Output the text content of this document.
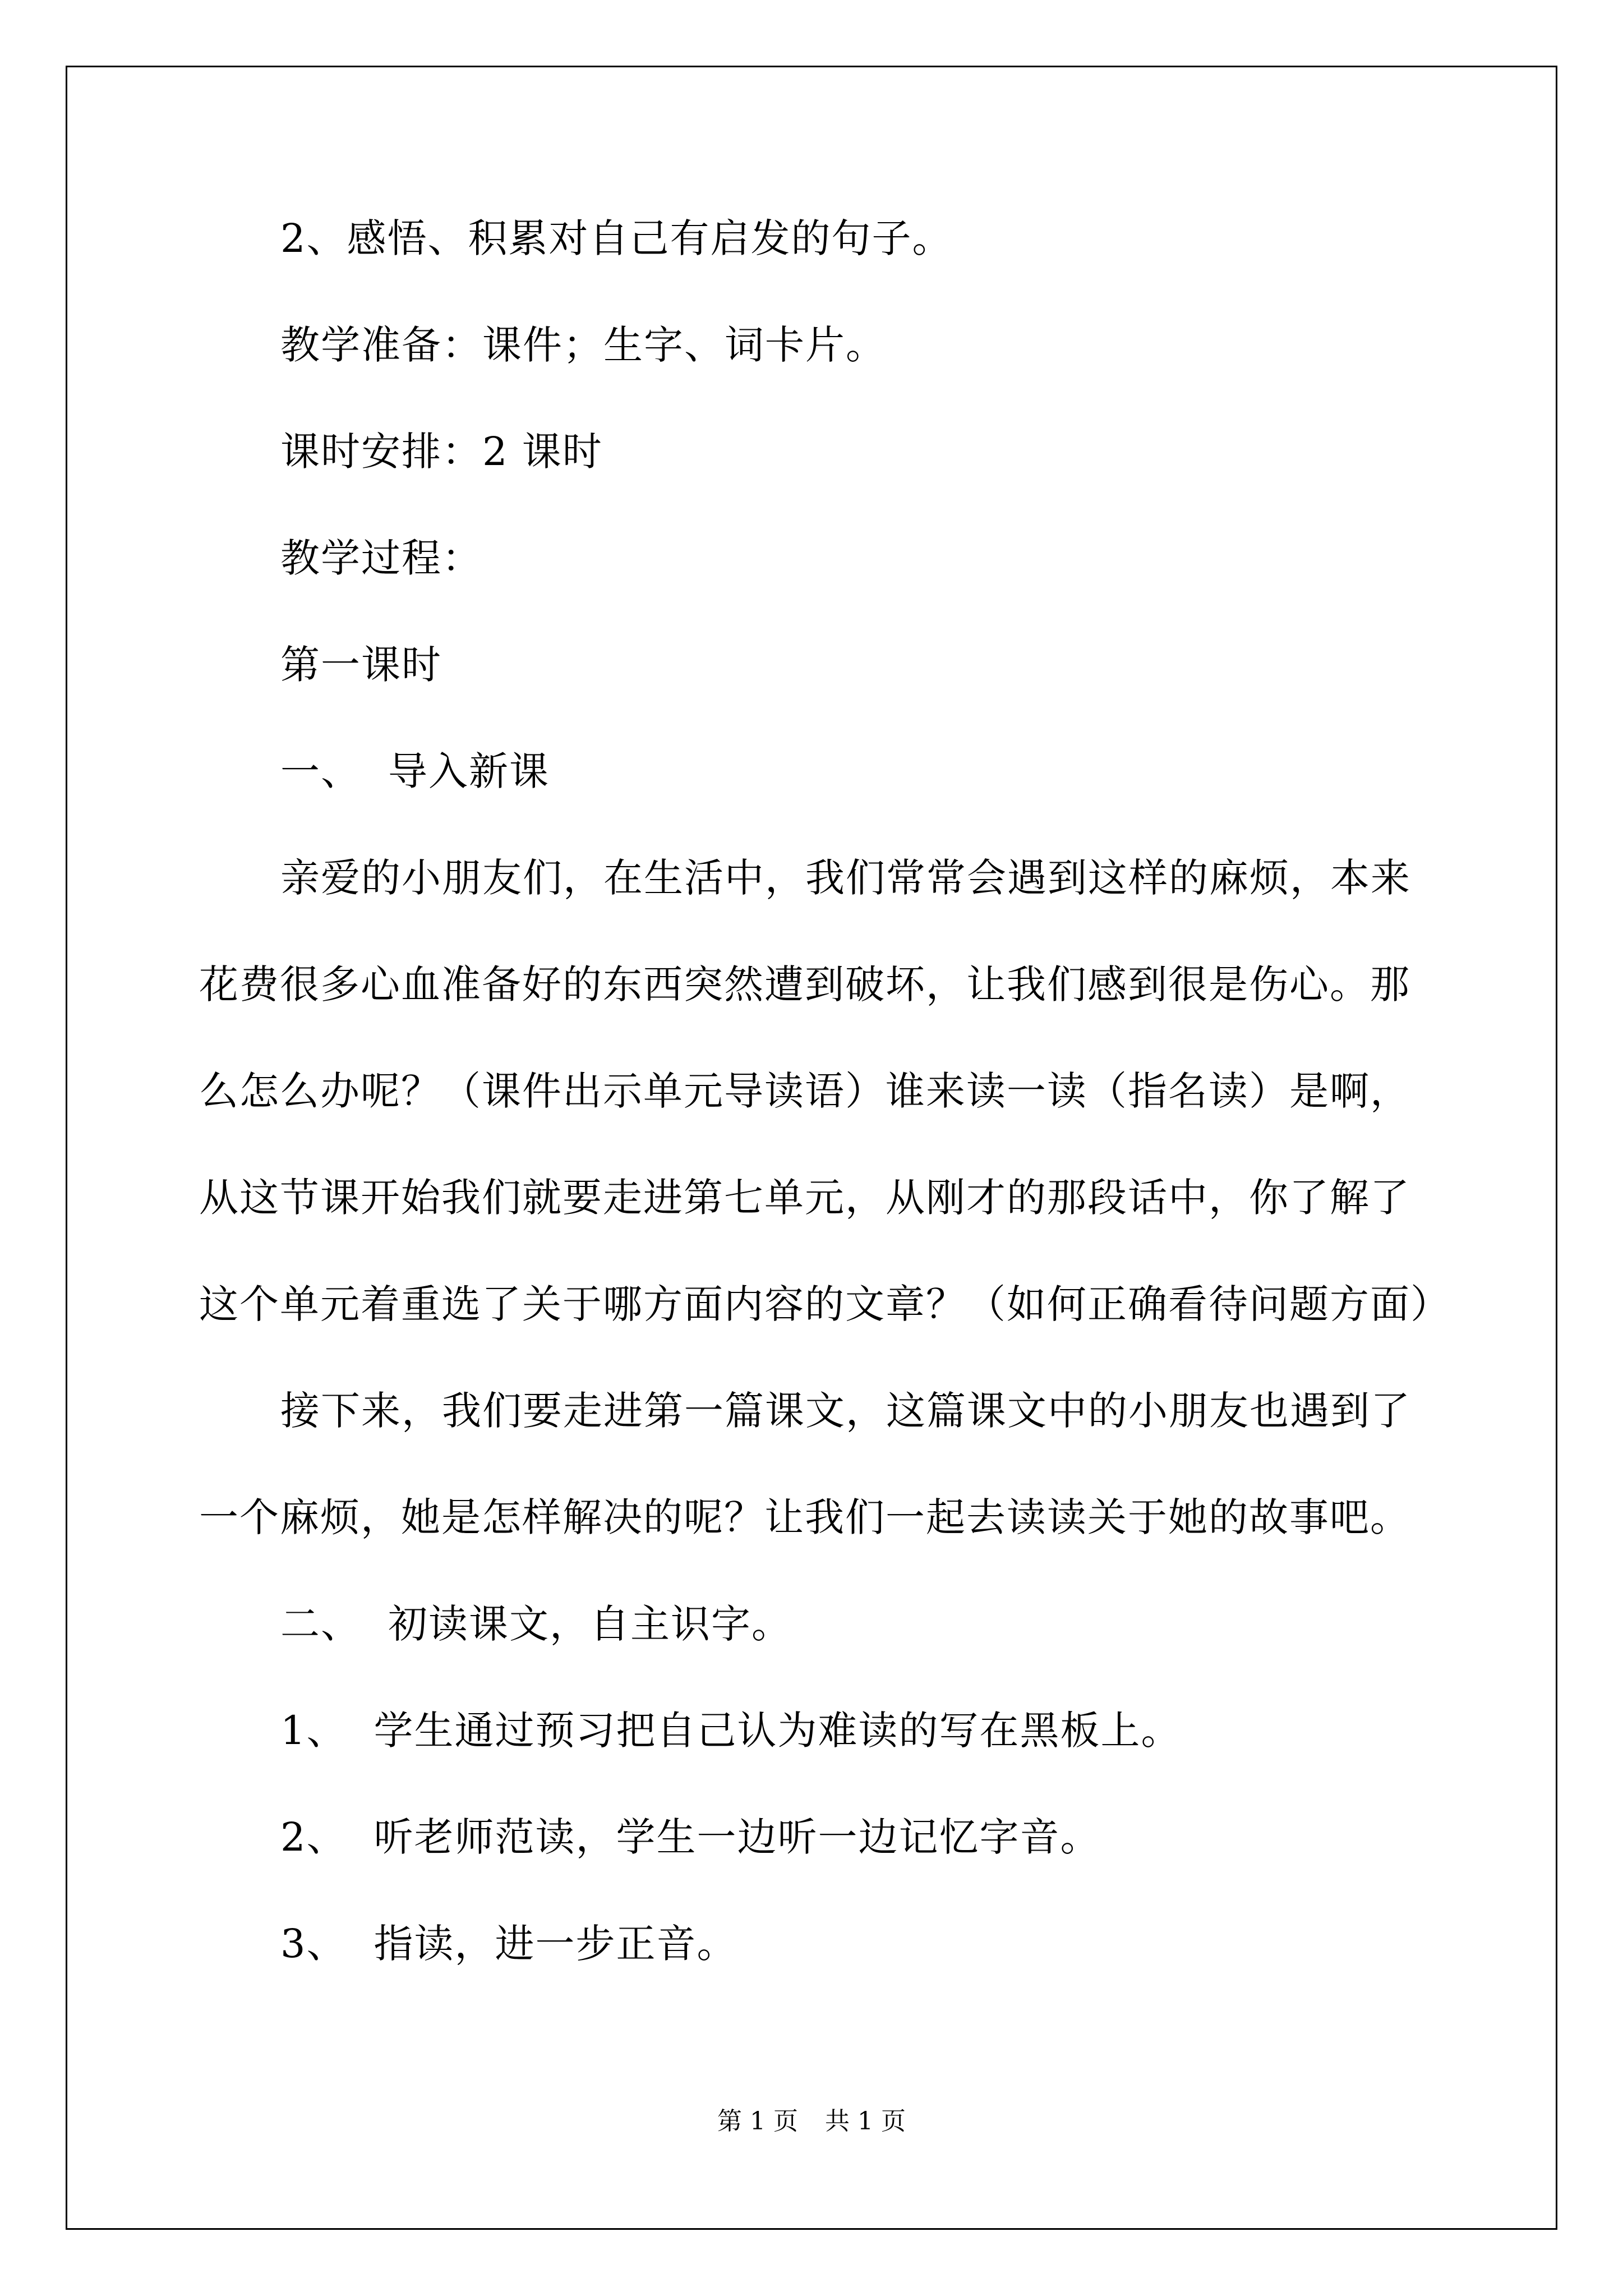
2、感悟、积累对自己有启发的句子。
教学准备：课件；生字、词卡片。
课时安排：2 课时
教学过程：
第一课时
一、 导入新课
亲爱的小朋友们，在生活中，我们常常会遇到这样的麻烦，本来
花费很多心血准备好的东西突然遭到破坏，让我们感到很是伤心。那
么怎么办呢？（课件出示单元导读语）谁来读一读（指名读）是啊，
从这节课开始我们就要走进第七单元，从刚才的那段话中，你了解了
这个单元着重选了关于哪方面内容的文章？（如何正确看待问题方面）
接下来，我们要走进第一篇课文，这篇课文中的小朋友也遇到了
一个麻烦，她是怎样解决的呢？让我们一起去读读关于她的故事吧。
二、 初读课文，自主识字。
1、 学生通过预习把自己认为难读的写在黑板上。
2、 听老师范读，学生一边听一边记忆字音。
3、 指读，进一步正音。
第 1 页 共 1 页
